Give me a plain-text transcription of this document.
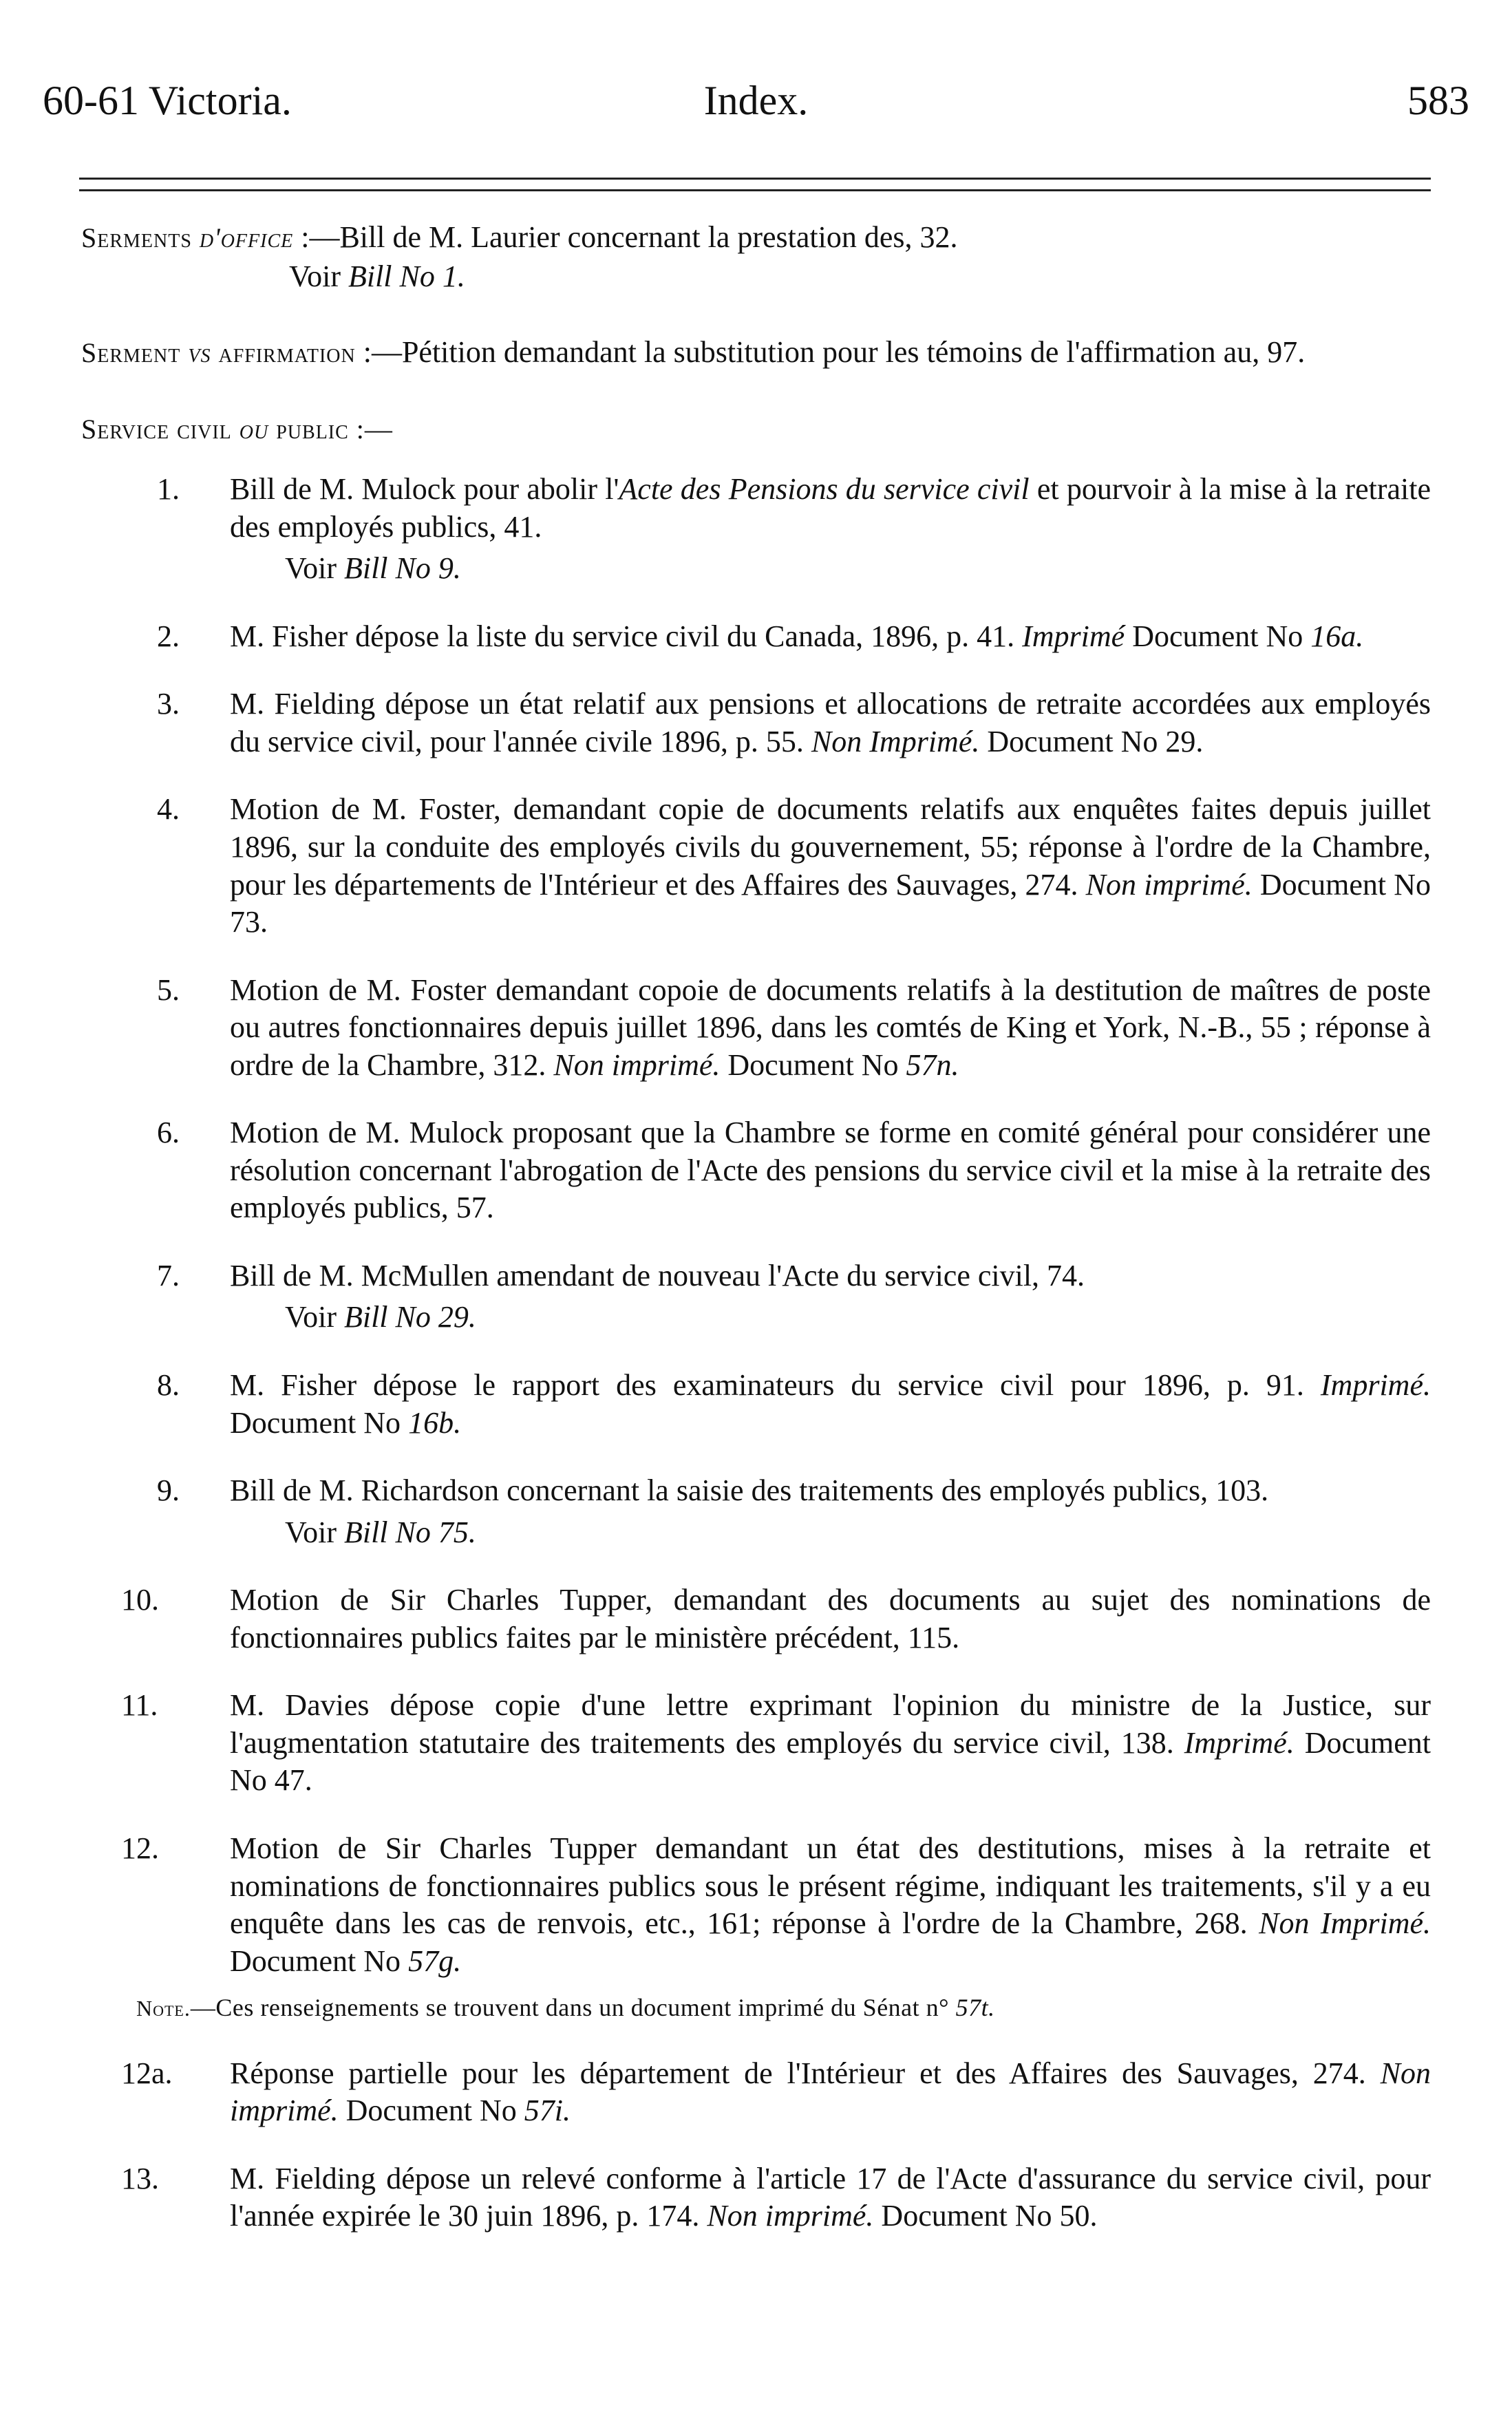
60-61 Victoria.	Index.	583
Serments d'office :—Bill de M. Laurier concernant la prestation des, 32.
Voir Bill No 1.
Serment vs affirmation :—Pétition demandant la substitution pour les témoins de l'affirmation au, 97.
Service civil ou public :—
1.	Bill de M. Mulock pour abolir l'Acte des Pensions du service civil et pourvoir à la mise à la retraite des employés publics, 41.
Voir Bill No 9.
2.	M. Fisher dépose la liste du service civil du Canada, 1896, p. 41. Imprimé Document No 16a.
3.	M. Fielding dépose un état relatif aux pensions et allocations de retraite accordées aux employés du service civil, pour l'année civile 1896, p. 55. Non Imprimé. Document No 29.
4.	Motion de M. Foster, demandant copie de documents relatifs aux enquêtes faites depuis juillet 1896, sur la conduite des employés civils du gouvernement, 55; réponse à l'ordre de la Chambre, pour les départements de l'Intérieur et des Affaires des Sauvages, 274. Non imprimé. Document No 73.
5.	Motion de M. Foster demandant copoie de documents relatifs à la destitution de maîtres de poste ou autres fonctionnaires depuis juillet 1896, dans les comtés de King et York, N.-B., 55 ; réponse à ordre de la Chambre, 312. Non imprimé. Document No 57n.
6.	Motion de M. Mulock proposant que la Chambre se forme en comité général pour considérer une résolution concernant l'abrogation de l'Acte des pensions du service civil et la mise à la retraite des employés publics, 57.
7.	Bill de M. McMullen amendant de nouveau l'Acte du service civil, 74.
Voir Bill No 29.
8.	M. Fisher dépose le rapport des examinateurs du service civil pour 1896, p. 91. Imprimé. Document No 16b.
9.	Bill de M. Richardson concernant la saisie des traitements des employés publics, 103.
Voir Bill No 75.
10.	Motion de Sir Charles Tupper, demandant des documents au sujet des nominations de fonctionnaires publics faites par le ministère précédent, 115.
11.	M. Davies dépose copie d'une lettre exprimant l'opinion du ministre de la Justice, sur l'augmentation statutaire des traitements des employés du service civil, 138. Imprimé. Document No 47.
12.	Motion de Sir Charles Tupper demandant un état des destitutions, mises à la retraite et nominations de fonctionnaires publics sous le présent régime, indiquant les traitements, s'il y a eu enquête dans les cas de renvois, etc., 161; réponse à l'ordre de la Chambre, 268. Non Imprimé. Document No 57g.
Note.—Ces renseignements se trouvent dans un document imprimé du Sénat n° 57t.
12a.	Réponse partielle pour les département de l'Intérieur et des Affaires des Sauvages, 274. Non imprimé. Document No 57i.
13.	M. Fielding dépose un relevé conforme à l'article 17 de l'Acte d'assurance du service civil, pour l'année expirée le 30 juin 1896, p. 174. Non imprimé. Document No 50.
